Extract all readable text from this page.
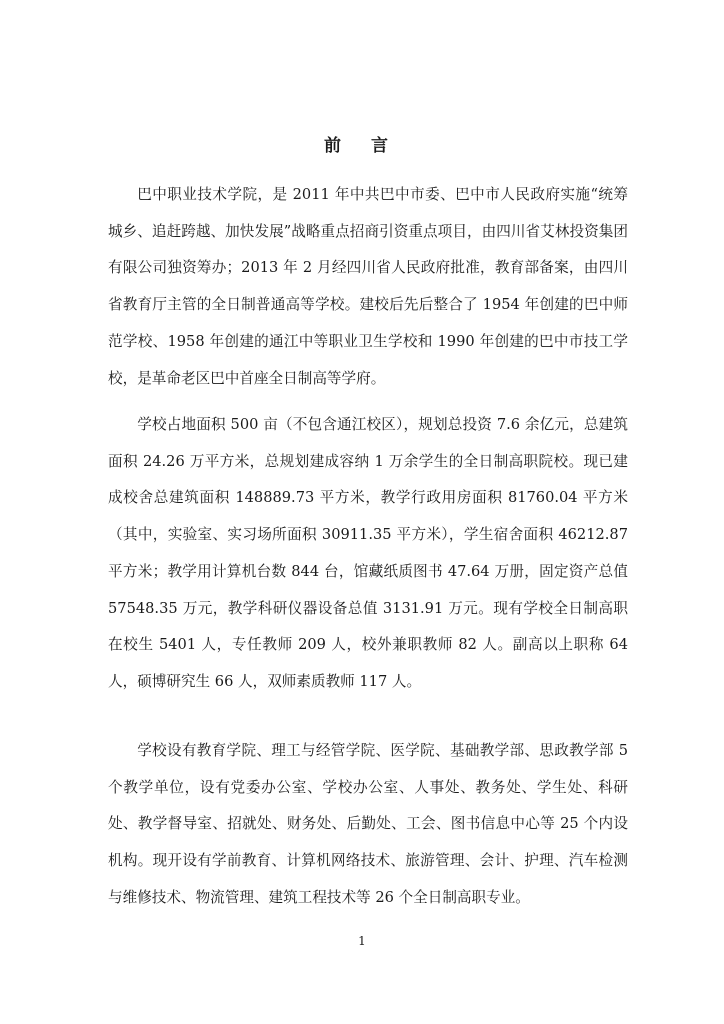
前 言

巴中职业技术学院，是 2011 年中共巴中市委、巴中市人民政府实施“统筹城乡、追赶跨越、加快发展”战略重点招商引资重点项目，由四川省艾林投资集团有限公司独资筹办；2013 年 2 月经四川省人民政府批准，教育部备案，由四川省教育厅主管的全日制普通高等学校。建校后先后整合了 1954 年创建的巴中师范学校、1958 年创建的通江中等职业卫生学校和 1990 年创建的巴中市技工学校，是革命老区巴中首座全日制高等学府。

学校占地面积 500 亩（不包含通江校区），规划总投资 7.6 余亿元，总建筑面积 24.26 万平方米，总规划建成容纳 1 万余学生的全日制高职院校。现已建成校舍总建筑面积 148889.73 平方米，教学行政用房面积 81760.04 平方米（其中，实验室、实习场所面积 30911.35 平方米），学生宿舍面积 46212.87 平方米；教学用计算机台数 844 台，馆藏纸质图书 47.64 万册，固定资产总值 57548.35 万元，教学科研仪器设备总值 3131.91 万元。现有学校全日制高职在校生 5401 人，专任教师 209 人，校外兼职教师 82 人。副高以上职称 64 人，硕博研究生 66 人，双师素质教师 117 人。

学校设有教育学院、理工与经管学院、医学院、基础教学部、思政教学部 5 个教学单位，设有党委办公室、学校办公室、人事处、教务处、学生处、科研处、教学督导室、招就处、财务处、后勤处、工会、图书信息中心等 25 个内设机构。现开设有学前教育、计算机网络技术、旅游管理、会计、护理、汽车检测与维修技术、物流管理、建筑工程技术等 26 个全日制高职专业。

1
